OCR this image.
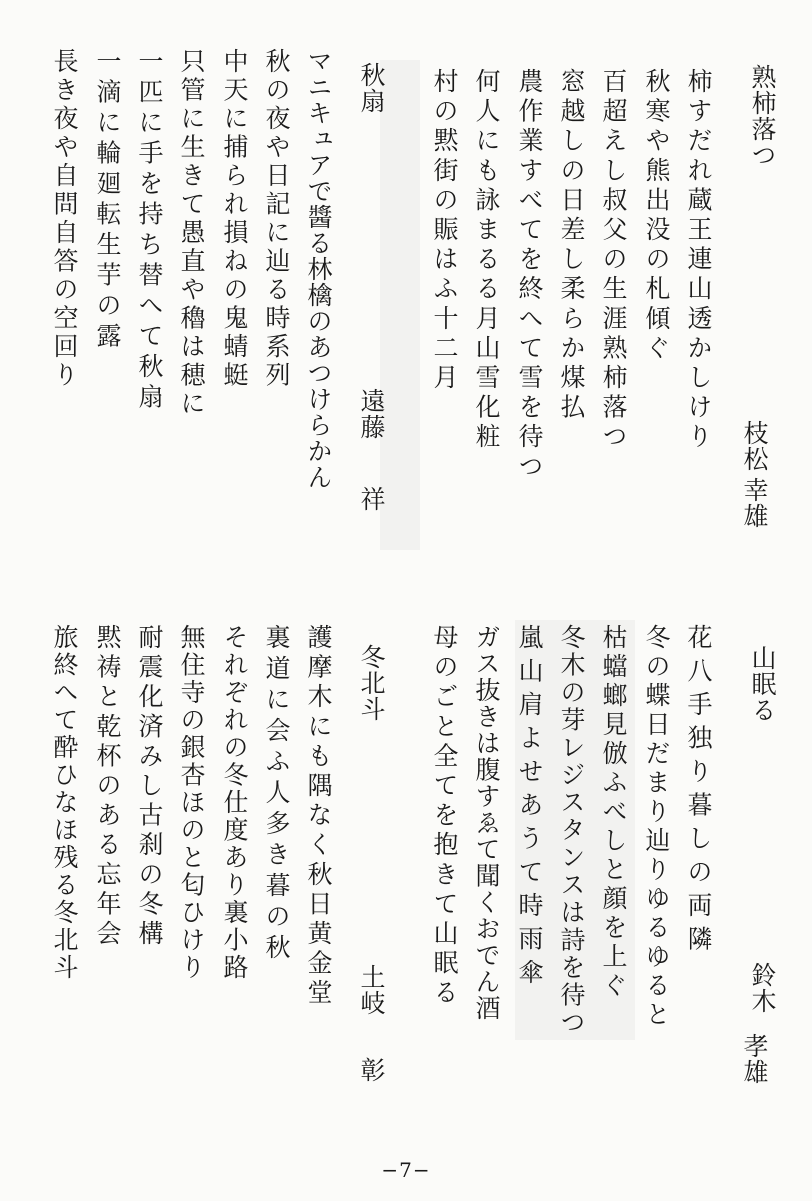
熟柿落つ
枝松
幸雄
柿すだれ蔵王連山透かしけり
秋寒や熊出没の札傾ぐ
百超えし叔父の生涯熟柿落つ
窓越しの日差し柔らか煤払
農作業すべてを終へて雪を待つ
何人にも詠まるる月山雪化粧
村の黙街の賑はふ十二月
秋扇
遠藤
祥
マニキュアで醬る林檎のあつけらかん
秋の夜や日記に辿る時系列
中天に捕られ損ねの鬼蜻蜓
只管に生きて愚直や穭は穂に
一匹に手を持ち替へて秋扇
一滴に輪廻転生芋の露
長き夜や自問自答の空回り
山眠る
鈴木
孝雄
花八手独り暮しの両隣
冬の蝶日だまり辿りゆるゆると
枯蟷螂見倣ふべしと顔を上ぐ
冬木の芽レジスタンスは詩を待つ
嵐山肩よせあうて時雨傘
ガス抜きは腹すゑて聞くおでん酒
母のごと全てを抱きて山眠る
冬北斗
土岐
彰
護摩木にも隅なく秋日黄金堂
裏道に会ふ人多き暮の秋
それぞれの冬仕度あり裏小路
無住寺の銀杏ほのと匂ひけり
耐震化済みし古刹の冬構
黙祷と乾杯のある忘年会
旅終へて酔ひなほ残る冬北斗
−7−
